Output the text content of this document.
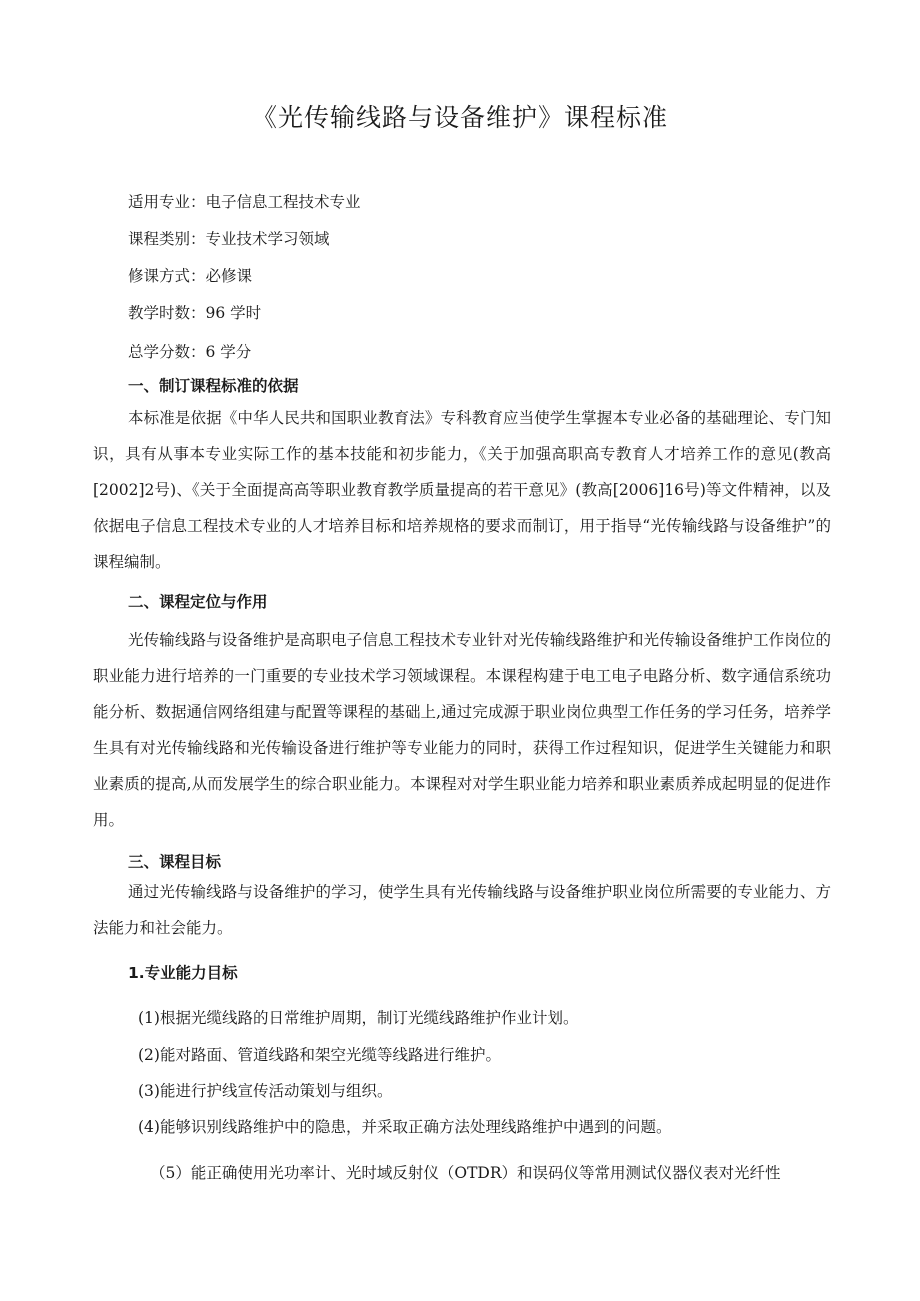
《光传输线路与设备维护》课程标准

适用专业：电子信息工程技术专业

课程类别：专业技术学习领域

修课方式：必修课

教学时数：96 学时

总学分数：6 学分

一、制订课程标准的依据

本标准是依据《中华人民共和国职业教育法》专科教育应当使学生掌握本专业必备的基础理论、专门知识，具有从事本专业实际工作的基本技能和初步能力，《关于加强高职高专教育人才培养工作的意见(教高[2002]2号)、《关于全面提高高等职业教育教学质量提高的若干意见》(教高[2006]16号)等文件精神，以及依据电子信息工程技术专业的人才培养目标和培养规格的要求而制订，用于指导“光传输线路与设备维护”的课程编制。

二、课程定位与作用

光传输线路与设备维护是高职电子信息工程技术专业针对光传输线路维护和光传输设备维护工作岗位的职业能力进行培养的一门重要的专业技术学习领域课程。本课程构建于电工电子电路分析、数字通信系统功能分析、数据通信网络组建与配置等课程的基础上,通过完成源于职业岗位典型工作任务的学习任务，培养学生具有对光传输线路和光传输设备进行维护等专业能力的同时，获得工作过程知识，促进学生关键能力和职业素质的提高,从而发展学生的综合职业能力。本课程对对学生职业能力培养和职业素质养成起明显的促进作用。

三、课程目标

通过光传输线路与设备维护的学习，使学生具有光传输线路与设备维护职业岗位所需要的专业能力、方法能力和社会能力。

1.专业能力目标

(1)根据光缆线路的日常维护周期，制订光缆线路维护作业计划。

(2)能对路面、管道线路和架空光缆等线路进行维护。

(3)能进行护线宣传活动策划与组织。

(4)能够识别线路维护中的隐患，并采取正确方法处理线路维护中遇到的问题。

（5）能正确使用光功率计、光时域反射仪（OTDR）和误码仪等常用测试仪器仪表对光纤性
